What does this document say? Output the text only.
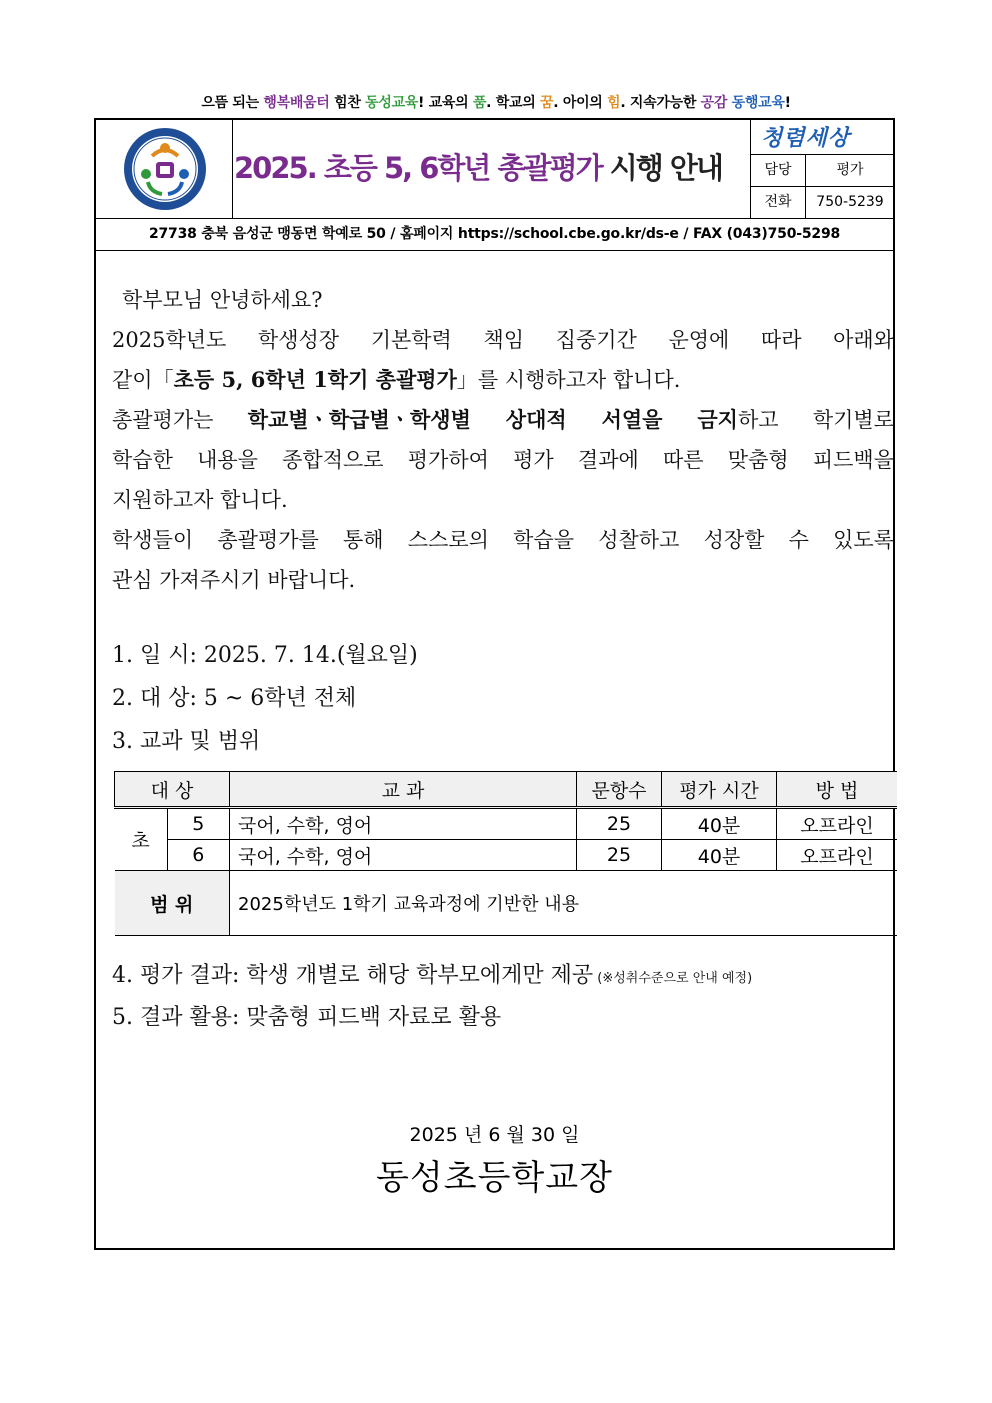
으뜸 되는 행복배움터 힘찬 동성교육! 교육의 품. 학교의 꿈. 아이의 힘. 지속가능한 공감 동행교육!
2025. 초등 5, 6학년 총괄평가 시행 안내
청렴세상
담당	평가
전화	750-5239
27738 충북 음성군 맹동면 학예로 50 / 홈페이지 https://school.cbe.go.kr/ds-e / FAX (043)750-5298
학부모님 안녕하세요?
2025학년도 학생성장 기본학력 책임 집중기간 운영에 따라 아래와
같이「초등 5, 6학년 1학기 총괄평가」를 시행하고자 합니다.
총괄평가는 학교별ㆍ학급별ㆍ학생별 상대적 서열을 금지하고 학기별로
학습한 내용을 종합적으로 평가하여 평가 결과에 따른 맞춤형 피드백을
지원하고자 합니다.
학생들이 총괄평가를 통해 스스로의 학습을 성찰하고 성장할 수 있도록
관심 가져주시기 바랍니다.
1. 일 시: 2025. 7. 14.(월요일)
2. 대 상: 5 ~ 6학년 전체
3. 교과 및 범위
4. 평가 결과: 학생 개별로 해당 학부모에게만 제공 (※성취수준으로 안내 예정)
5. 결과 활용: 맞춤형 피드백 자료로 활용
대 상		교 과	문항수	평가 시간	방 법
초	5	국어, 수학, 영어	25	40분	오프라인
	6	국어, 수학, 영어	25	40분	오프라인
범 위		2025학년도 1학기 교육과정에 기반한 내용			
2025 년 6 월 30 일
동성초등학교장
